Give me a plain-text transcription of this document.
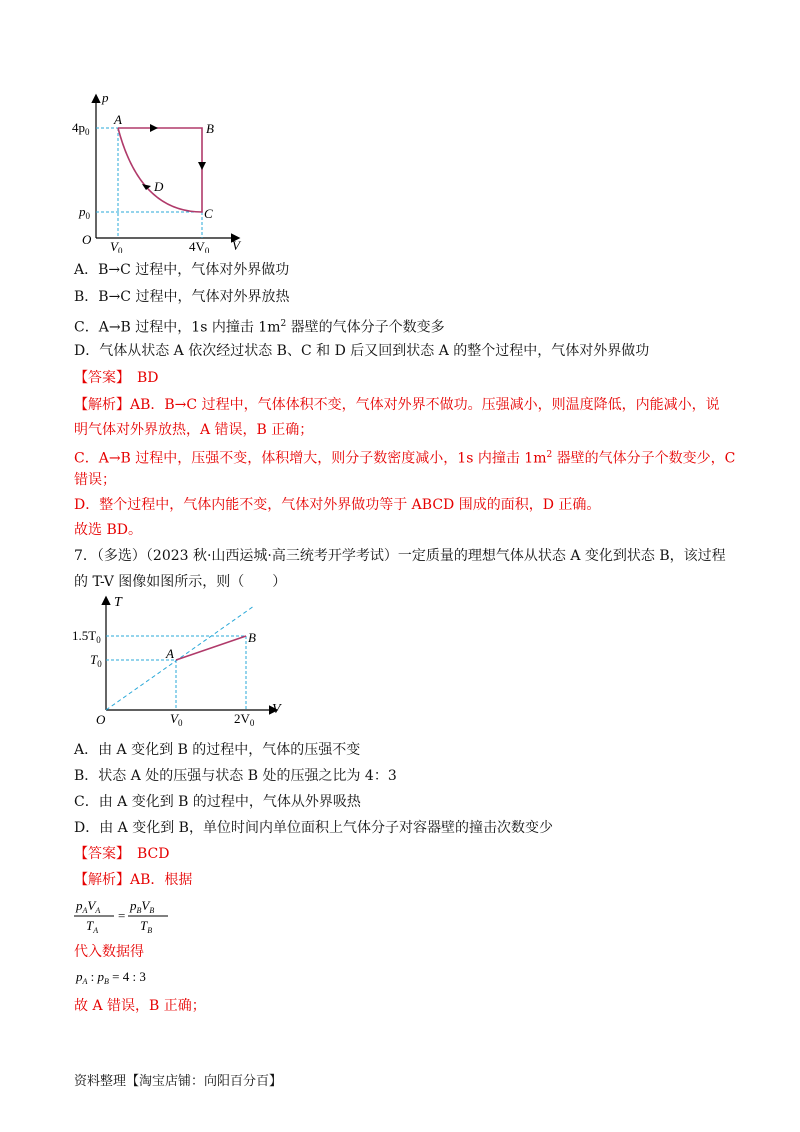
p
V
O
$4p_0$
$p_0$
$V_0$	$4V_0$
A
B
C
D
A．B→C 过程中，气体对外界做功
B．B→C 过程中，气体对外界放热
C．A→B 过程中，1s 内撞击 $1m^2$ 器壁的气体分子个数变多
D．气体从状态 A 依次经过状态 B、C 和 D 后又回到状态 A 的整个过程中，气体对外界做功
【答案】　BD
【解析】AB．B→C 过程中，气体体积不变，气体对外界不做功。压强减小，则温度降低，内能减小，说
明气体对外界放热，A 错误，B 正确；
C．A→B 过程中，压强不变，体积增大，则分子数密度减小，1s 内撞击 $1m^2$ 器壁的气体分子个数变少，C
错误；
D．整个过程中，气体内能不变，气体对外界做功等于 ABCD 围成的面积，D 正确。
故选 BD。
7．（多选）（2023 秋·山西运城·高三统考开学考试）一定质量的理想气体从状态 A 变化到状态 B，该过程
的 T-V 图像如图所示，则（　　）
T
V
O
$1.5T_0$
$T_0$
$V_0$	$2V_0$
A
B
A．由 A 变化到 B 的过程中，气体的压强不变
B．状态 A 处的压强与状态 B 处的压强之比为 4：3
C．由 A 变化到 B 的过程中，气体从外界吸热
D．由 A 变化到 B，单位时间内单位面积上气体分子对容器壁的撞击次数变少
【答案】　BCD
【解析】AB．根据
$p_AV_A$
$T_A$
=
$p_BV_B$
$T_B$
代入数据得
$p_A$ : $p_B = 4$ : 3
故 A 错误，B 正确；
资料整理【淘宝店铺：向阳百分百】
